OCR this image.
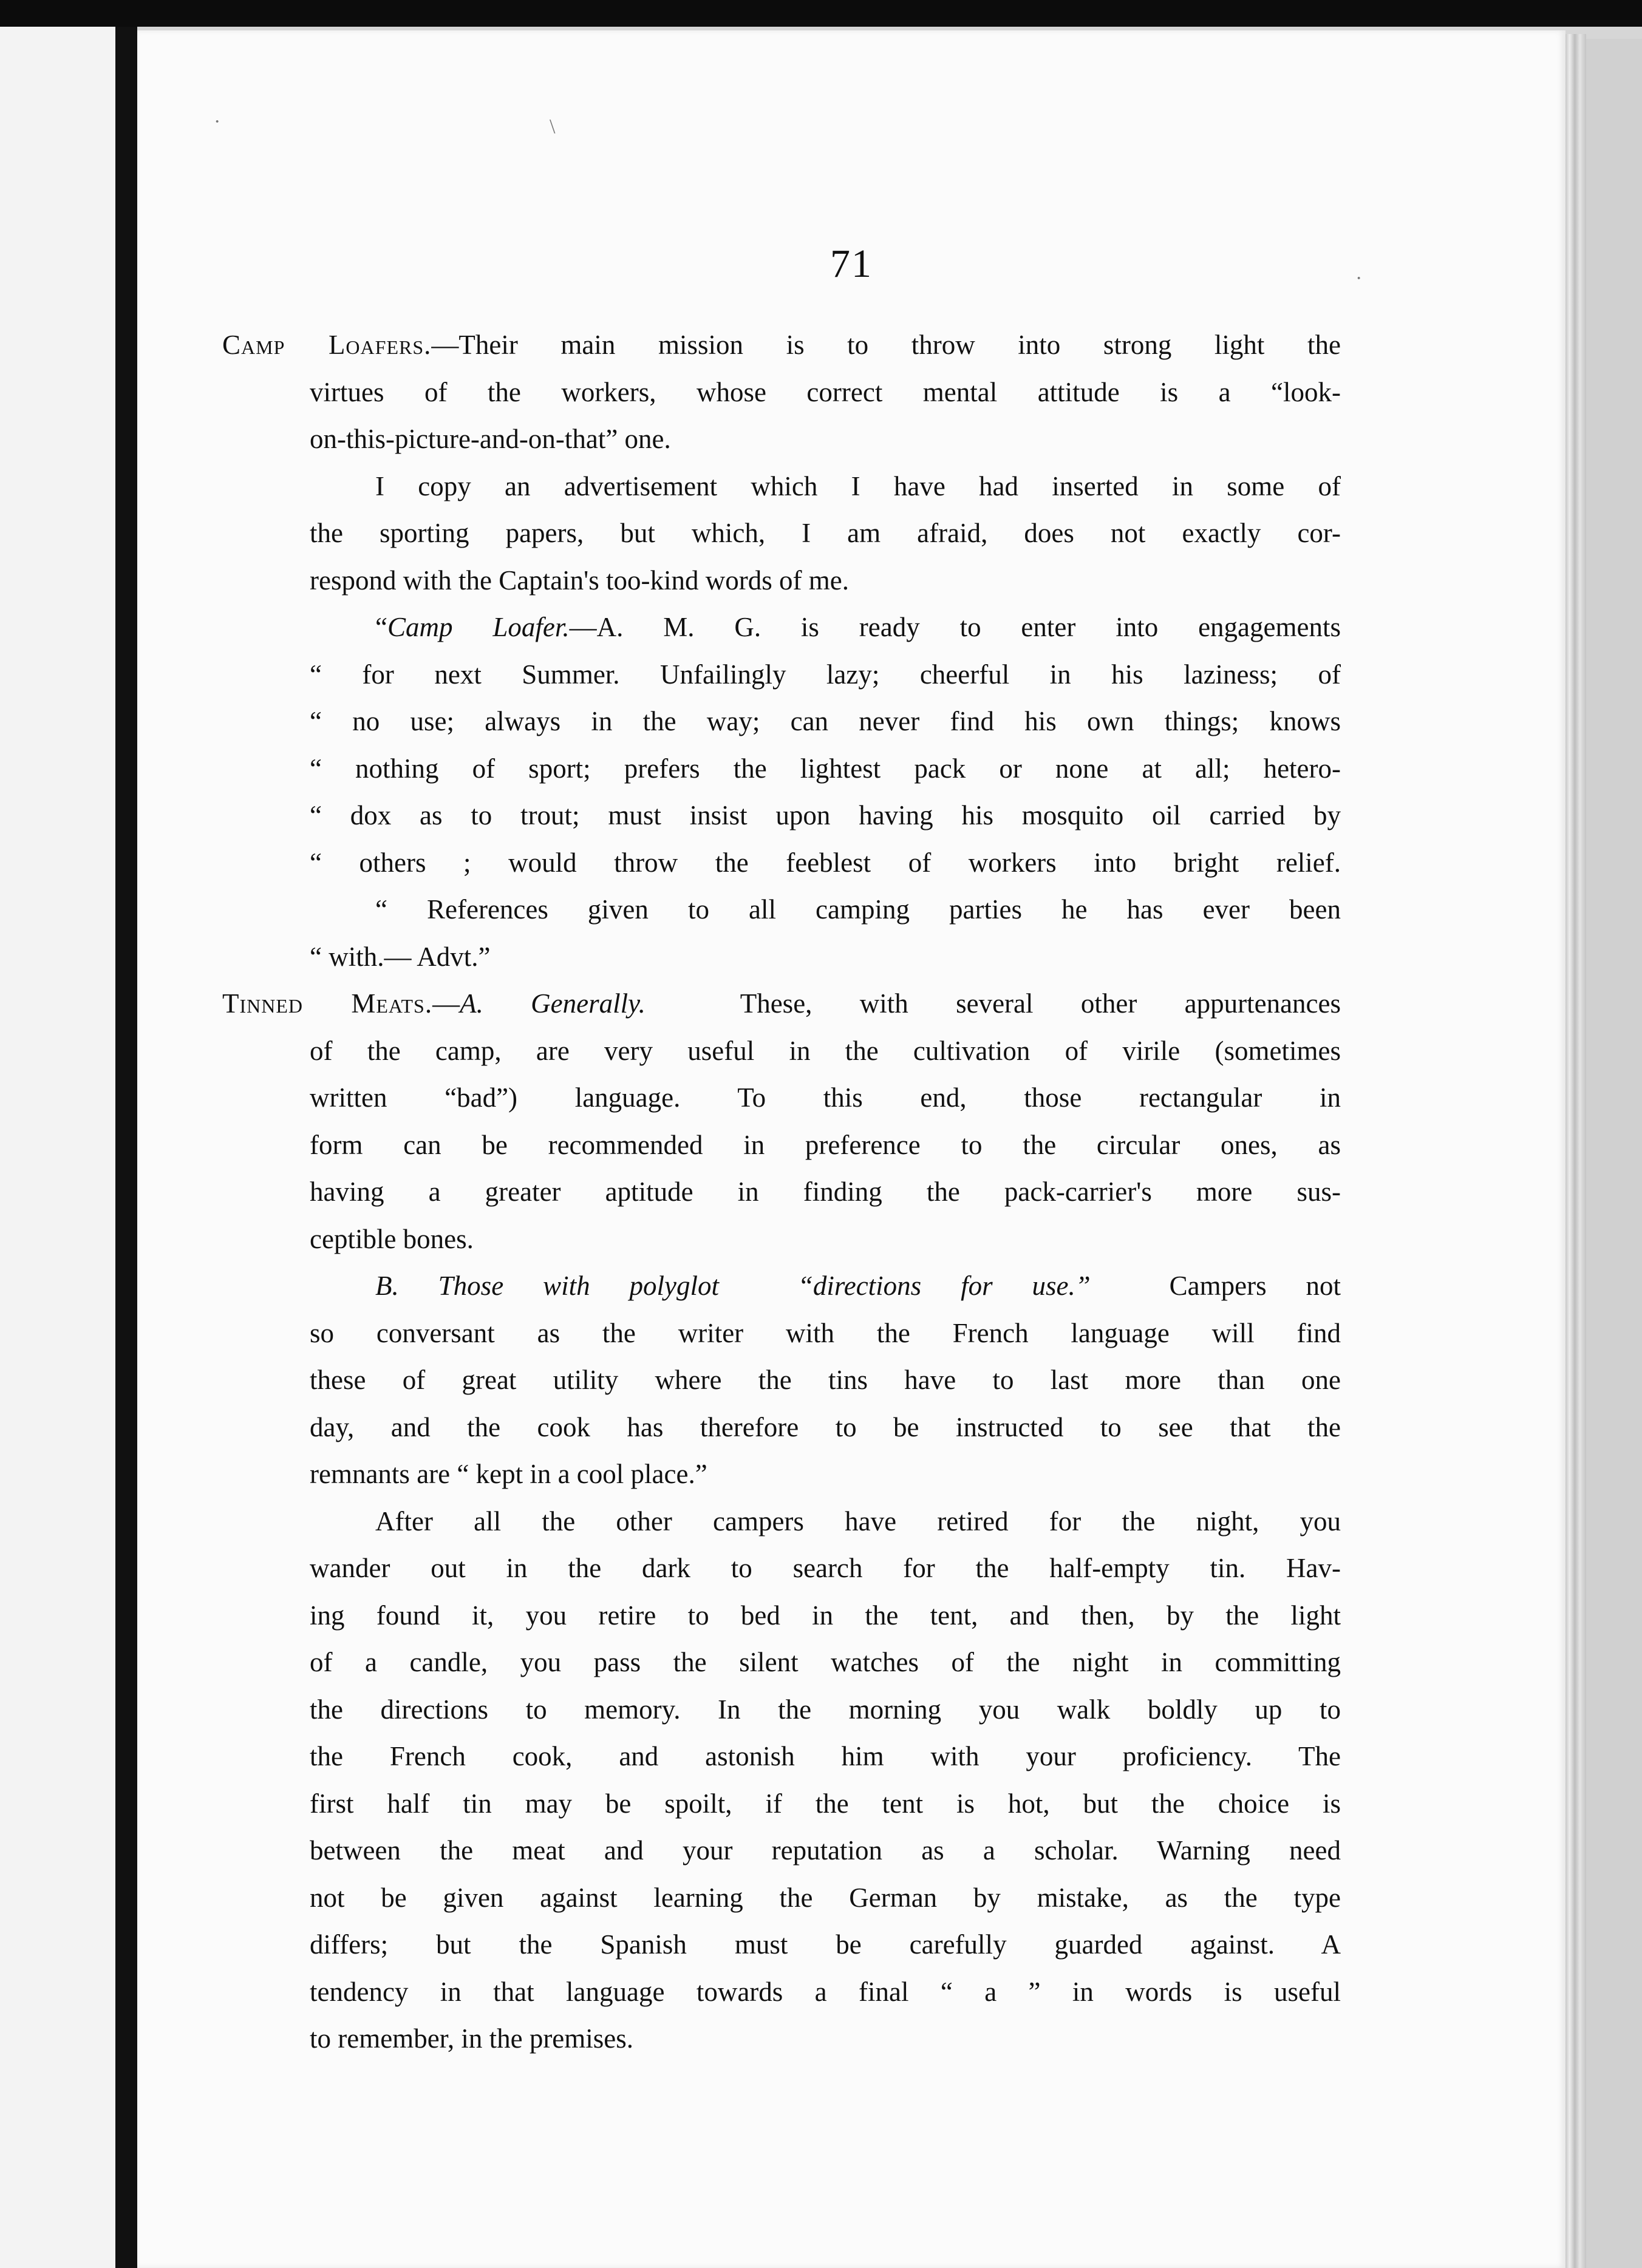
·	\
·
71
Camp Loafers.—Their main mission is to throw into strong light the
virtues of the workers, whose correct mental attitude is a “look-
on-this-picture-and-on-that” one.
I copy an advertisement which I have had inserted in some of
the sporting papers, but which, I am afraid, does not exactly cor-
respond with the Captain's too-kind words of me.
“Camp Loafer.—A. M. G. is ready to enter into engagements
“ for next Summer. Unfailingly lazy; cheerful in his laziness; of
“ no use; always in the way; can never find his own things; knows
“ nothing of sport; prefers the lightest pack or none at all; hetero-
“ dox as to trout; must insist upon having his mosquito oil carried by
“ others ; would throw the feeblest of workers into bright relief.
“ References given to all camping parties he has ever been
“ with.— Advt.”
Tinned Meats.—A. Generally.	These, with several other appurtenances
of the camp, are very useful in the cultivation of virile (sometimes
written “bad”) language. To this end, those rectangular in
form can be recommended in preference to the circular ones, as
having a greater aptitude in finding the pack-carrier's more sus-
ceptible bones.
B. Those with polyglot	“directions for use.”	Campers not
so conversant as the writer with the French language will find
these of great utility where the tins have to last more than one
day, and the cook has therefore to be instructed to see that the
remnants are “ kept in a cool place.”
After all the other campers have retired for the night, you
wander out in the dark to search for the half-empty tin. Hav-
ing found it, you retire to bed in the tent, and then, by the light
of a candle, you pass the silent watches of the night in committing
the directions to memory. In the morning you walk boldly up to
the French cook, and astonish him with your proficiency. The
first half tin may be spoilt, if the tent is hot, but the choice is
between the meat and your reputation as a scholar. Warning need
not be given against learning the German by mistake, as the type
differs; but the Spanish must be carefully guarded against. A
tendency in that language towards a final “ a ” in words is useful
to remember, in the premises.
